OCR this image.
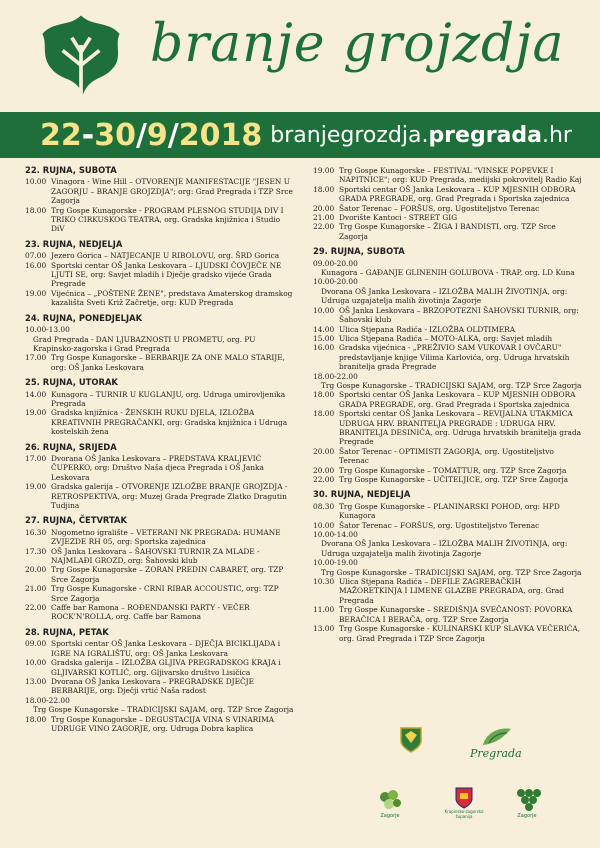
branje grojzdja
22-30/9/2018 branjegrozdja.pregrada.hr
22. RUJNA, SUBOTA
10.00 Vinagora - Wine Hill – OTVORENJE MANIFESTACIJE "JESEN U ZAGORJU – BRANJE GROJZDJA"; org: Grad Pregrada i TZP Srce Zagorja
18.00 Trg Gospe Kunagorske - PROGRAM PLESNOG STUDIJA DIV I TRIKO CIRKUSKOG TEATRA, org. Gradska knjižnica i Studio DiV
23. RUJNA, NEDJELJA
07.00 Jezero Gorica – NATJECANJE U RIBOLOVU, org. ŠRD Gorica
16.00 Sportski centar OŠ Janka Leskovara – LJUDSKI ČOVJEČE NE LJUTI SE, org: Savjet mladih i Dječje gradsko vijeće Grada Pregrade
19.00 Vijećnica – „POŠTENE ŽENE", predstava Amaterskog dramskog kazališta Sveti Križ Začretje, org: KUD Pregrada
24. RUJNA, PONEDJELJAK
10.00-13.00
Grad Pregrada - DAN LJUBAZNOSTI U PROMETU, org. PU Krapinsko-zagorska i Grad Pregrada
17.00 Trg Gospe Kunagorske – BERBARIJE ZA ONE MALO STARIJE, org: OŠ Janka Leskovara
25. RUJNA, UTORAK
14.00 Kunagora – TURNIR U KUGLANJU, org. Udruga umirovljenika Pregrada
19.00 Gradska knjižnica - ŽENSKIH RUKU DJELA, IZLOŽBA KREATIVNIH PREGRAČANKI, org: Gradska knjižnica i Udruga kostelskih žena
26. RUJNA, SRIJEDA
17.00 Dvorana OŠ Janka Leskovara – PREDSTAVA KRALJEVIĆ ČUPERKO, org: Društvo Naša djeca Pregrada i OŠ Janka Leskovara
19.00 Gradska galerija – OTVORENJE IZLOŽBE BRANJE GROJZDJA - RETROSPEKTIVA, org: Muzej Grada Pregrade Zlatko Dragutin Tudjina
27. RUJNA, ČETVRTAK
16.30 Nogometno igralište – VETERANI NK PREGRADA: HUMANE ZVJEZDE RH 05, org: Sportska zajednica
17.30 OŠ Janka Leskovara – ŠAHOVSKI TURNIR ZA MLADE - NAJMLAĐI GROZD, org: Šahovski klub
20.00 Trg Gospe Kunagorske – ZORAN PREDIN CABARET, org. TZP Srce Zagorja
21.00 Trg Gospe Kunagorske - CRNI RIBAR ACCOUSTIC, org: TZP Srce Zagorja
22.00 Caffe bar Ramona – ROĐENDANSKI PARTY - VEČER ROCK'N'ROLLA, org. Caffe bar Ramona
28. RUJNA, PETAK
09.00 Sportski centar OŠ Janka Leskovara – DJEČJA BICIKLIJADA i IGRE NA IGRALIŠTU, org: OŠ Janka Leskovara
10.00 Gradska galerija – IZLOŽBA GLJIVA PREGRADSKOG KRAJA i GLJIVARSKI KOTLIĆ, org. Gljivarsko društvo Lisičica
13.00 Dvorana OŠ Janka Leskovara – PREGRADSKE DJEČJE BERBARIJE, org: Dječji vrtić Naša radost
18.00-22.00
Trg Gospe Kunagorske – TRADICIJSKI SAJAM, org. TZP Srce Zagorja
18.00 Trg Gospe Kunagorske – DEGUSTACIJA VINA S VINARIMA UDRUGE VINO ZAGORJE, org. Udruga Dobra kaplica
19.00 Trg Gospe Kunagorske – FESTIVAL "VINSKE POPEVKE I NAPITNICE"; org: KUD Pregrada, medijski pokrovitelj Radio Kaj
18.00 Sportski centar OŠ Janka Leskovara – KUP MJESNIH ODBORA GRADA PREGRADE, org. Grad Pregrada i Sportska zajednica
20.00 Šator Terenac – FORŠUS, org. Ugostiteljstvo Terenac
21.00 Dvorište Kantoci - STREET GIG
22.00 Trg Gospe Kunagorske – ŽIGA I BANDISTI, org. TZP Srce Zagorja
29. RUJNA, SUBOTA
09.00-20.00
Kunagora – GAĐANJE GLINENIH GOLUBOVA - TRAP, org. LD Kuna
10.00-20.00
Dvorana OŠ Janka Leskovara – IZLOŽBA MALIH ŽIVOTINJA, org: Udruga uzgajatelja malih životinja Zagorje
10.00 OŠ Janka Leskovara – BRZOPOTEZNI ŠAHOVSKI TURNIR, org: Šahovski klub
14.00 Ulica Stjepana Radića - IZLOŽBA OLDTIMERA
15.00 Ulica Stjepana Radića – MOTO-ALKA, org: Savjet mladih
16.00 Gradska vijećnica - „PREŽIVIO SAM VUKOVAR I OVČARU" predstavljanje knjige Vilima Karlovića, org. Udruga hrvatskih branitelja grada Pregrade
18.00-22.00
Trg Gospe Kunagorske – TRADICIJSKI SAJAM, org. TZP Srce Zagorja
18.00 Sportski centar OŠ Janka Leskovara – KUP MJESNIH ODBORA GRADA PREGRADE, org. Grad Pregrada i Sportska zajednica
18.00 Sportski centar OŠ Janka Leskovara – REVIJALNA UTAKMICA UDRUGA HRV. BRANITELJA PREGRADE : UDRUGA HRV. BRANITELJA DESINIĆA, org. Udruga hrvatskih branitelja grada Pregrade
20.00 Šator Terenac - OPTIMISTI ZAGORJA, org. Ugostiteljstvo Terenac
20.00 Trg Gospe Kunagorske – TOMATTUR, org. TZP Srce Zagorja
22.00 Trg Gospe Kunagorske – UČITELJICE, org. TZP Srce Zagorja
30. RUJNA, NEDJELJA
08.30 Trg Gospe Kunagorske – PLANINARSKI POHOD, org: HPD Kunagora
10.00 Šator Terenac – FORŠUS, org. Ugostiteljstvo Terenac
10.00-14.00
Dvorana OŠ Janka Leskovara – IZLOŽBA MALIH ŽIVOTINJA, org: Udruga uzgajatelja malih životinja Zagorje
10.00-19.00
Trg Gospe Kunagorske – TRADICIJSKI SAJAM, org. TZP Srce Zagorja
10.30 Ulica Stjepana Radića – DEFILE ZAGREBAČKIH MAŽORETKINJA I LIMENE GLAZBE PREGRADA, org. Grad Pregrada
11.00 Trg Gospe Kunagorske – SREDIŠNJA SVEČANOST: POVORKA BERAČICA I BERAČA, org. TZP Srce Zagorja
13.00 Trg Gospe Kunagorske - KULINARSKI KUP SLAVKA VEČERIĆA, org. Grad Pregrada i TZP Srce Zagorja
Pregrada
Zagorje
Krapinsko-zagorska županija	Zagorje
